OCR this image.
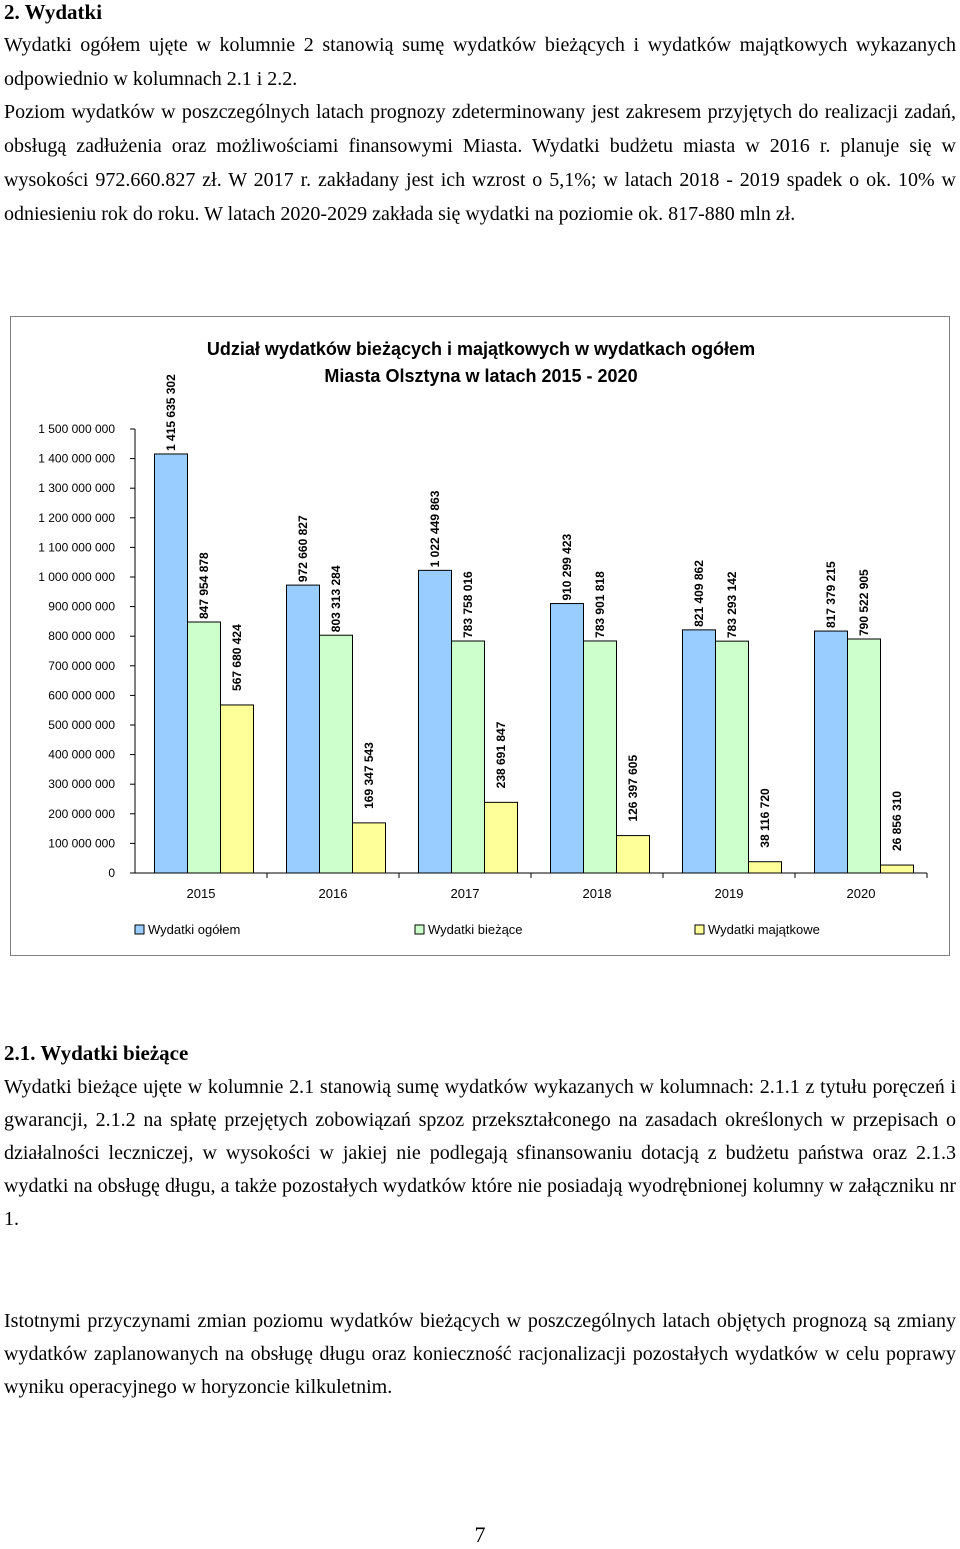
2. Wydatki

Wydatki ogółem ujęte w kolumnie 2 stanowią sumę wydatków bieżących i wydatków majątkowych wykazanych odpowiednio w kolumnach 2.1 i 2.2.

Poziom wydatków w poszczególnych latach prognozy zdeterminowany jest zakresem przyjętych do realizacji zadań, obsługą zadłużenia oraz możliwościami finansowymi Miasta. Wydatki budżetu miasta w 2016 r. planuje się w wysokości 972.660.827 zł. W 2017 r. zakładany jest ich wzrost o 5,1%; w latach 2018 - 2019 spadek o ok. 10% w odniesieniu rok do roku. W latach 2020-2029 zakłada się wydatki na poziomie ok. 817-880 mln zł.

Udział wydatków bieżących i majątkowych w wydatkach ogółem
Miasta Olsztyna w latach 2015 - 2020
0
100 000 000
200 000 000
300 000 000
400 000 000
500 000 000
600 000 000
700 000 000
800 000 000
900 000 000
1 000 000 000
1 100 000 000
1 200 000 000
1 300 000 000
1 400 000 000
1 500 000 000	1 415 635 302
847 954 878
567 680 424
2015
972 660 827
803 313 284
169 347 543
2016
1 022 449 863
783 758 016
238 691 847
2017
910 299 423
783 901 818
126 397 605
2018
821 409 862 783 293 142
38 116 720
2019
817 379 215 790 522 905
26 856 310
2020
Wydatki ogółem	Wydatki bieżące	Wydatki majątkowe
2.1. Wydatki bieżące

Wydatki bieżące ujęte w kolumnie 2.1 stanowią sumę wydatków wykazanych w kolumnach: 2.1.1 z tytułu poręczeń i gwarancji, 2.1.2 na spłatę przejętych zobowiązań spzoz przekształconego na zasadach określonych w przepisach o działalności leczniczej, w wysokości w jakiej nie podlegają sfinansowaniu dotacją z budżetu państwa oraz 2.1.3 wydatki na obsługę długu, a także pozostałych wydatków które nie posiadają wyodrębnionej kolumny w załączniku nr 1.

Istotnymi przyczynami zmian poziomu wydatków bieżących w poszczególnych latach objętych prognozą są zmiany wydatków zaplanowanych na obsługę długu oraz konieczność racjonalizacji pozostałych wydatków w celu poprawy wyniku operacyjnego w horyzoncie kilkuletnim.

7
